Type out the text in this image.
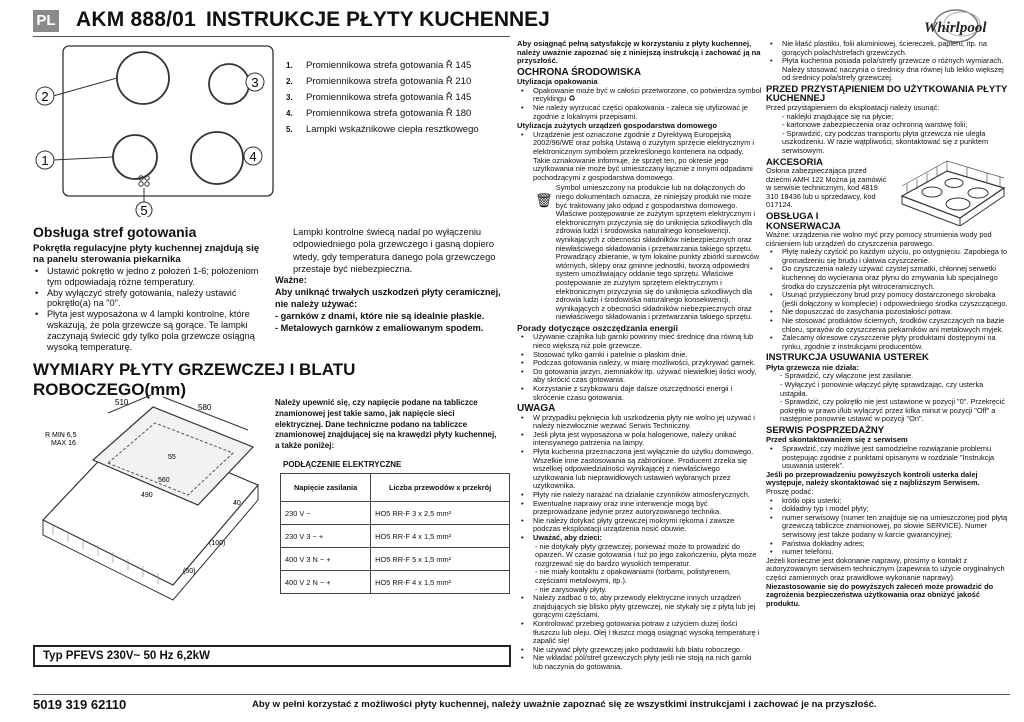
PL AKM 888/01 INSTRUKCJE PŁYTY KUCHENNEJ	Whirlpool
2
3
1	4
5
1. Promiennikowa strefa gotowania Ř 145
2. Promiennikowa strefa gotowania Ř 210
3. Promiennikowa strefa gotowania Ř 145
4. Promiennikowa strefa gotowania Ř 180
5. Lampki wskaźnikowe ciepła resztkowego
Obsługa stref gotowania
Pokrętła regulacyjne płyty kuchennej znajdują się na panelu sterowania piekarnika
• Ustawić pokrętło w jedno z położeń 1-6; położeniom tym odpowiadają różne temperatury.
• Aby wyłączyć strefy gotowania, należy ustawić pokrętło(a) na "0".
• Płyta jest wyposażona w 4 lampki kontrolne, które wskazują, że pola grzewcze są gorące. Te lampki zaczynają świecić gdy tylko pola grzewcze osiągną wysoką temperaturę.
Lampki kontrolne świecą nadal po wyłączeniu odpowiedniego pola grzewczego i gasną dopiero wtedy, gdy temperatura danego pola grzewczego przestaje być niebezpieczna.
Ważne:
Aby uniknąć trwałych uszkodzeń płyty ceramicznej, nie należy używać:
- garnków z dnami, które nie są idealnie płaskie.
- Metalowych garnków z emaliowanym spodem.
WYMIARY PŁYTY GRZEWCZEJ I BLATU ROBOCZEGO(mm)
510
580
R MIN 6,5
MAX 16
55
560
490
40
(100)
(50)
Należy upewnić się, czy napięcie podane na tabliczce znamionowej jest takie samo, jak napięcie sieci elektrycznej. Dane techniczne podano na tabliczce znamionowej znajdującej się na krawędzi płyty kuchennej, a także poniżej:
PODŁĄCZENIE ELEKTRYCZNE
Napięcie zasilania	Liczba przewodów x przekrój
230 V ~	HO5 RR-F 3 x 2,5 mm²
230 V 3 ~ +	HO5 RR-F 4 x 1,5 mm²
400 V 3 N ~ +	HO5 RR-F 5 x 1,5 mm²
400 V 2 N ~ +	HO5 RR-F 4 x 1,5 mm²
Typ PFEVS 230V~ 50 Hz 6,2kW

Aby osiągnąć pełną satysfakcję w korzystaniu z płyty kuchennej, należy uważnie zapoznać się z niniejszą instrukcją i zachować ją na przyszłość.

OCHRONA ŚRODOWISKA
Utylizacja opakowania
• Opakowanie może być w całości przetworzone, co potwierdza symbol recyklingu ♻
• Nie należy wyrzucać części opakowania - zaleca się utylizować je zgodnie z lokalnymi przepisami.
Utylizacja zużytych urządzeń gospodarstwa domowego
• Urządzenie jest oznaczone zgodnie z Dyrektywą Europejską 2002/96/WE oraz polską Ustawą o zużytym sprzęcie elektrycznym i elektronicznym symbolem przekreślonego kontenera na odpady. Takie oznakowanie informuje, że sprzęt ten, po okresie jego użytkowania nie może być umieszczany łącznie z innymi odpadami pochodzącymi z gospodarstwa domowego.
🗑

Symbol umieszczony na produkcie lub na dołączonych do niego dokumentach oznacza, że niniejszy produkt nie może być traktowany jako odpad z gospodarstwa domowego. Właściwe postępowanie ze zużytym sprzętem elektrycznym i elektronicznym przyczynia się do uniknięcia szkodliwych dla zdrowia ludzi i środowiska naturalnego konsekwencji, wynikających z obecności składników niebezpiecznych oraz niewłaściwego składowania i przetwarzania takiego sprzętu. Prowadzący zbieranie, w tym lokalne punkty zbiórki surowców wtórnych, sklepy oraz gminne jednostki, tworzą odpowiedni system umożliwiający oddanie tego sprzętu. Właściwe postępowanie ze zużytym sprzętem elektrycznym i elektronicznym przyczynia się do uniknięcia szkodliwych dla zdrowia ludzi i środowiska naturalnego konsekwencji, wynikających z obecności składników niebezpiecznych oraz niewłaściwego składowania i przetwarzania takiego sprzętu.

Porady dotyczące oszczędzania energii
• Używanie czajnika lub garnki powinny mieć średnicę dna równą lub nieco większą niż pole grzewcze.
• Stosować tylko garnki i patelnie o płaskim dnie.
• Podczas gotowania należy, w miarę możliwości, przykrywać garnek.
• Do gotowania jarzyn, ziemniaków itp. używać niewielkiej ilości wody, aby skrócić czas gotowania.
• Korzystanie z szybkowaru daje dalsze oszczędności energii i skrócenie czasu gotowania.
UWAGA
• W przypadku pęknięcia lub uszkodzenia płyty nie wolno jej używać i należy niezwłocznie wezwać Serwis Techniczny.
• Jeśli płyta jest wyposażona w pola halogenowe, należy unikać intensywnego patrzenia na lampy.
• Płyta kuchenna przeznaczona jest wyłącznie do użytku domowego. Wszelkie inne zastosowania są zabronione. Producent zrzeka się wszelkiej odpowiedzialności wynikającej z niewłaściwego użytkowania lub nieprawidłowych ustawień wybranych przez użytkownika.
• Płyty nie należy narażać na działanie czynników atmosferycznych.
• Ewentualne naprawy oraz inne interwencje mogą być przeprowadzane jedynie przez autoryzowanego technika.
• Nie należy dotykać płyty grzewczej mokrymi rękoma i zawsze podczas eksploatacji urządzenia nosić obuwie.
• Uważać, aby dzieci:

- nie dotykały płyty grzewczej, ponieważ może to prowadzić do oparzeń. W czasie gotowania i tuż po jego zakończeniu, płyta może rozgrzewać się do bardzo wysokich temperatur.

- nie miały kontaktu z opakowaniami (torbami, polistyrenem, częściami metalowymi, itp.).

- nie zarysowały płyty.

• Należy zadbać o to, aby przewody elektryczne innych urządzeń znajdujących się blisko płyty grzewczej, nie stykały się z płytą lub jej gorącymi częściami.
• Kontrolować przebieg gotowania potraw z użyciem dużej ilości tłuszczu lub oleju. Olej i tłuszcz mogą osiągnąć wysoką temperaturę i zapalić się!
• Nie używać płyty grzewczej jako podstawki lub blatu roboczego.
• Nie wkładać pól/stref grzewczych płyty jeśli nie stoją na nich garnki lub naczynia do gotowania.
• Nie kłaść plastiku, folii aluminiowej, ściereczek, papieru, itp. na gorących polach/strefach grzewczych.
• Płyta kuchenna posiada pola/strefy grzewcze o różnych wymiarach. Należy stosować naczynia o średnicy dna równej lub lekko większej od średnicy pola/strefy grzewczej.
PRZED PRZYSTĄPIENIEM DO UŻYTKOWANIA PŁYTY KUCHENNEJ

Przed przystąpieniem do eksploatacji należy usunąć:

- naklejki znajdujące się na płycie;

- kartonowe zabezpieczenia oraz ochronną warstwę folii;

- Sprawdzić, czy podczas transportu płyta grzewcza nie uległa uszkodzeniu. W razie wątpliwości, skontaktować się z punktem serwisowym.

AKCESORIA

Osłona zabezpieczająca przed dziećmi AMH 122 Można ją zamówić w serwisie technicznym, kod 4819 310 18436 lub u sprzedawcy, kod 017124.

OBSŁUGA I KONSERWACJA

Ważne: urządzenia nie wolno myć przy pomocy strumienia wody pod ciśnieniem lub urządzeń do czyszczenia parowego.

• Płytę należy czyścić po każdym użyciu, po ostygnięciu. Zapobiega to gromadzeniu się brudu i ułatwia czyszczenie.
• Do czyszczenia należy używać czystej szmatki, chłonnej serwetki kuchennej do wycierania oraz płynu do zmywania lub specjalnego środka do czyszczenia płyt witroceramicznych.
• Usunąć przypieczony brud przy pomocy dostarczonego skrobaka (jeśli dołączony w komplecie) i odpowiedniego środka czyszczącego.
• Nie dopuszczać do zasychania pozostałości potraw.
• Nie stosować produktów ściernych, środków czyszczących na bazie chloru, sprayów do czyszczenia piekarników ani metalowych myjek.
• Zalecamy okresowe czyszczenie płyty produktami dostępnymi na rynku, zgodnie z instrukcjami producentów.
INSTRUKCJA USUWANIA USTEREK
Płyta grzewcza nie działa:

- Sprawdzić, czy włączone jest zasilanie.

- Wyłączyć i ponownie włączyć płytę sprawdzając, czy usterka ustąpiła.

- Sprawdzić, czy pokrętło nie jest ustawione w pozycji "0". Przekręcić pokrętło w prawo i/lub wyłączyć przez kilka minut w pozycji "Off" a następnie ponownie ustawić w pozycji "On".

SERWIS POSPRZEDAŻNY
Przed skontaktowaniem się z serwisem
• Sprawdzić, czy możliwe jest samodzielne rozwiązanie problemu postępując zgodnie z punktami opisanymi w rozdziale "Instrukcja usuwania usterek".

Jeśli po przeprowadzeniu powyższych kontroli usterka dalej występuje, należy skontaktować się z najbliższym Serwisem.

Proszę podać:

• krótki opis usterki;
• dokładny typ i model płyty;
• numer serwisowy (numer ten znajduje się na umieszczonej pod płytą grzewczą tabliczce znamionowej, po słowie SERVICE). Numer serwisowy jest także podany w karcie gwarancyjnej;
• Państwa dokładny adres;
• numer telefonu.

Jeżeli konieczne jest dokonanie naprawy, prosimy o kontakt z autoryzowanym serwisem technicznym (zapewnia to użycie oryginalnych części zamiennych oraz prawidłowe wykonanie naprawy).

Niezastosowanie się do powyższych zaleceń może prowadzić do zagrożenia bezpieczeństwa użytkowania oraz obniżyć jakość produktu.

5019 319 62110	Aby w pełni korzystać z możliwości płyty kuchennej, należy uważnie zapoznać się ze wszystkimi instrukcjami i zachować je na przyszłość.
